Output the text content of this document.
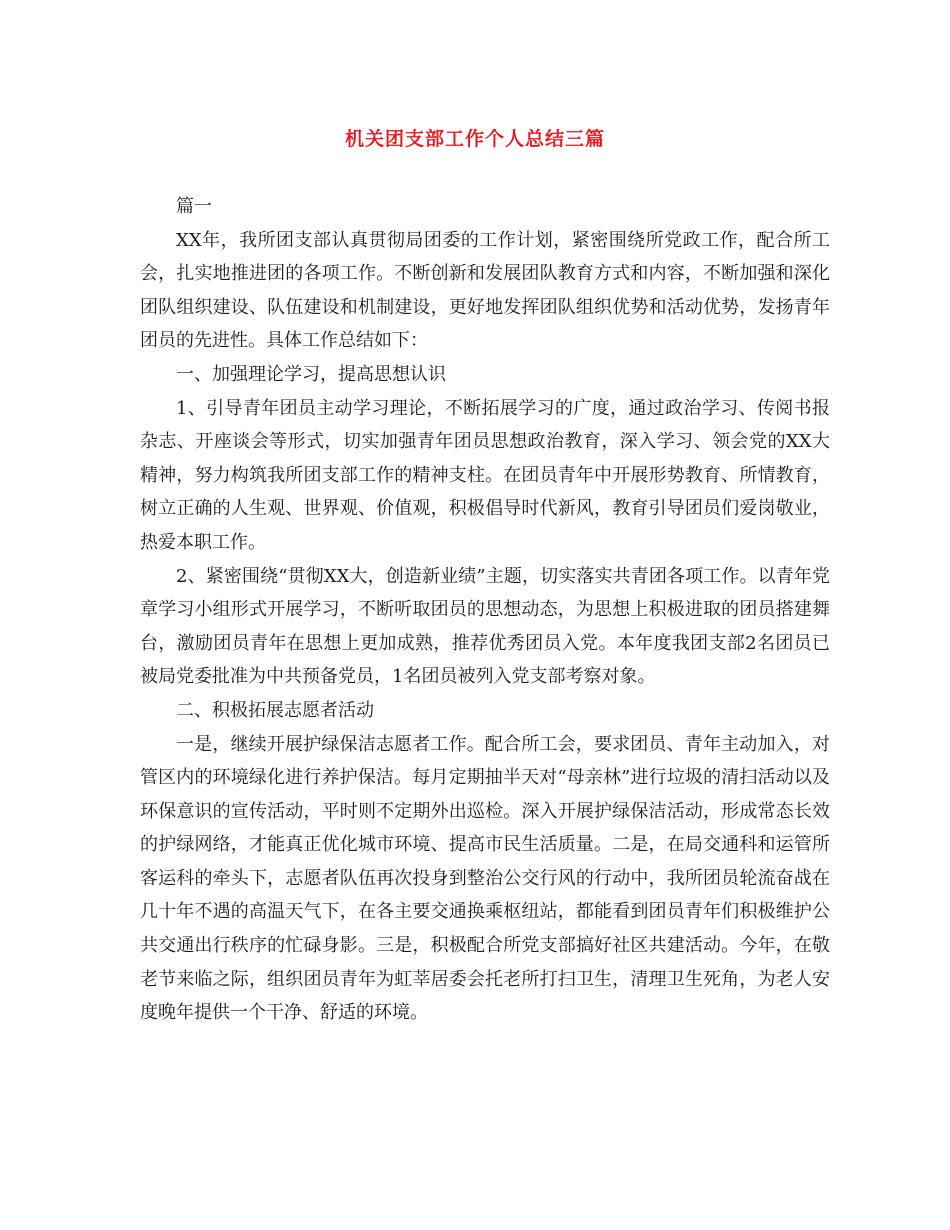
机关团支部工作个人总结三篇

篇一

XX年，我所团支部认真贯彻局团委的工作计划，紧密围绕所党政工作，配合所工会，扎实地推进团的各项工作。不断创新和发展团队教育方式和内容，不断加强和深化团队组织建设、队伍建设和机制建设，更好地发挥团队组织优势和活动优势，发扬青年团员的先进性。具体工作总结如下：

一、加强理论学习，提高思想认识

1、引导青年团员主动学习理论，不断拓展学习的广度，通过政治学习、传阅书报杂志、开座谈会等形式，切实加强青年团员思想政治教育，深入学习、领会党的XX大精神，努力构筑我所团支部工作的精神支柱。在团员青年中开展形势教育、所情教育，树立正确的人生观、世界观、价值观，积极倡导时代新风，教育引导团员们爱岗敬业，热爱本职工作。

2、紧密围绕“贯彻XX大，创造新业绩”主题，切实落实共青团各项工作。以青年党章学习小组形式开展学习，不断听取团员的思想动态，为思想上积极进取的团员搭建舞台，激励团员青年在思想上更加成熟，推荐优秀团员入党。本年度我团支部2名团员已被局党委批准为中共预备党员，1名团员被列入党支部考察对象。

二、积极拓展志愿者活动

一是，继续开展护绿保洁志愿者工作。配合所工会，要求团员、青年主动加入，对管区内的环境绿化进行养护保洁。每月定期抽半天对“母亲林”进行垃圾的清扫活动以及环保意识的宣传活动，平时则不定期外出巡检。深入开展护绿保洁活动，形成常态长效的护绿网络，才能真正优化城市环境、提高市民生活质量。二是，在局交通科和运管所客运科的牵头下，志愿者队伍再次投身到整治公交行风的行动中，我所团员轮流奋战在几十年不遇的高温天气下，在各主要交通换乘枢纽站，都能看到团员青年们积极维护公共交通出行秩序的忙碌身影。三是，积极配合所党支部搞好社区共建活动。今年，在敬老节来临之际，组织团员青年为虹莘居委会托老所打扫卫生，清理卫生死角，为老人安度晚年提供一个干净、舒适的环境。
